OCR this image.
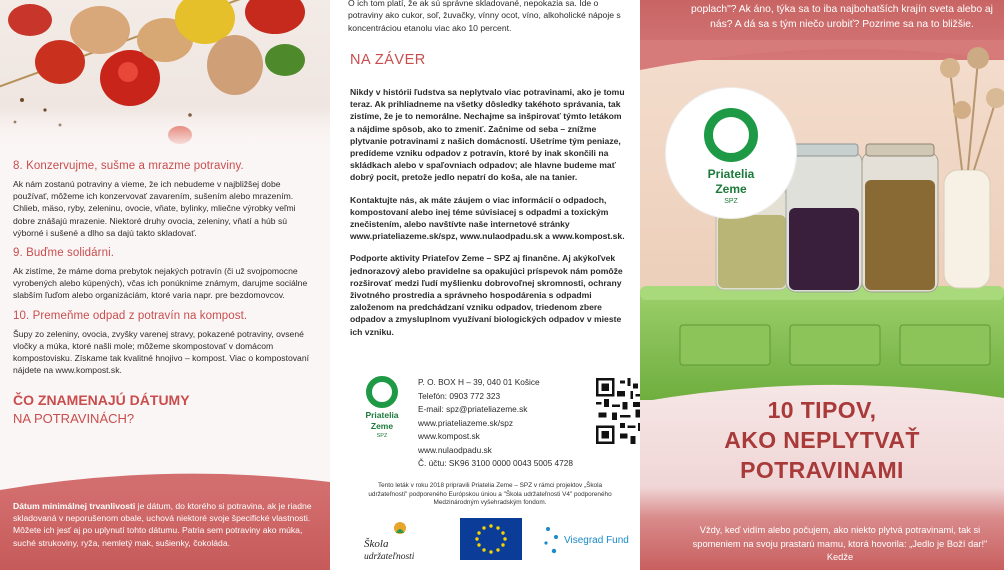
8. Konzervujme, sušme a mrazme potraviny.

Ak nám zostanú potraviny a vieme, že ich nebudeme v najbližšej dobe používať, môžeme ich konzervovať zavarením, sušením alebo mrazením. Chlieb, mäso, ryby, zeleninu, ovocie, vňate, bylinky, mliečne výrobky veľmi dobre znášajú mrazenie. Niektoré druhy ovocia, zeleniny, vňatí a húb sú výborné i sušené a dlho sa dajú takto skladovať.

9. Buďme solidárni.

Ak zistíme, že máme doma prebytok nejakých potravín (či už svojpomocne vyrobených alebo kúpených), včas ich ponúknime známym, darujme sociálne slabším ľuďom alebo organizáciám, ktoré varia napr. pre bezdomovcov.

10. Premeňme odpad z potravín na kompost.

Šupy zo zeleniny, ovocia, zvyšky varenej stravy, pokazené potraviny, ovsené vločky a múka, ktoré našli mole; môžeme skompostovať v domácom kompostovisku. Získame tak kvalitné hnojivo – kompost. Viac o kompostovaní nájdete na www.kompost.sk.

ČO ZNAMENAJÚ DÁTUMY
NA POTRAVINÁCH?

Dátum minimálnej trvanlivosti je dátum, do ktorého si potravina, ak je riadne skladovaná v neporušenom obale, uchová niektoré svoje špecifické vlastnosti. Môžete ich jesť aj po uplynutí tohto dátumu. Patria sem potraviny ako múka, suché strukoviny, ryža, nemletý mak, sušienky, čokoláda.

O ich tom platí, že ak sú správne skladované, nepokazia sa. Ide o potraviny ako cukor, soľ, žuvačky, vínny ocot, víno, alkoholické nápoje s koncentráciou etanolu viac ako 10 percent.

NA ZÁVER

Nikdy v histórii ľudstva sa neplytvalo viac potravinami, ako je tomu teraz. Ak prihliadneme na všetky dôsledky takéhoto správania, tak zistíme, že je to nemorálne. Nechajme sa inšpirovať týmto letákom a nájdime spôsob, ako to zmeniť. Začnime od seba – znížme plytvanie potravinami z našich domácností. Ušetríme tým peniaze, predídeme vzniku odpadov z potravín, ktoré by inak skončili na skládkach alebo v spaľovniach odpadov; ale hlavne budeme mať dobrý pocit, pretože jedlo nepatrí do koša, ale na tanier.

Kontaktujte nás, ak máte záujem o viac informácií o odpadoch, kompostovaní alebo inej téme súvisiacej s odpadmi a toxickým znečistením, alebo navštívte naše internetové stránky www.priateliazeme.sk/spz, www.nulaodpadu.sk a www.kompost.sk.

Podporte aktivity Priateľov Zeme – SPZ aj finančne. Aj akýkoľvek jednorazový alebo pravidelne sa opakujúci príspevok nám pomôže rozširovať medzi ľudí myšlienku dobrovoľnej skromnosti, ochrany životného prostredia a správneho hospodárenia s odpadmi založenom na predchádzaní vzniku odpadov, triedenom zbere odpadov a zmysluplnom využívaní biologických odpadov v mieste ich vzniku.

Priatelia
Zeme
SPZ
P. O. BOX H – 39, 040 01 Košice
Telefón: 0903 772 323
E-mail: spz@priateliazeme.sk
www.priateliazeme.sk/spz
www.kompost.sk
www.nulaodpadu.sk
Č. účtu: SK96 3100 0000 0043 5005 4728
Tento leták v roku 2018 pripravili Priatelia Zeme – SPZ v rámci projektov „Škola udržateľnosti" podporeného Európskou úniou a "Škola udržateľnosti V4" podporeného Medzinárodným vyšehradským fondom.
Škola
udržateľnosti
Visegrad Fund

poplach"? Ak áno, týka sa to iba najbohatších krajín sveta alebo aj nás? A dá sa s tým niečo urobiť? Pozrime sa na to bližšie.

Priatelia
Zeme
SPZ
10 TIPOV,
AKO NEPLYTVAŤ
POTRAVINAMI

Vždy, keď vidím alebo počujem, ako niekto plytvá potravinami, tak si spomeniem na svoju prastarú mamu, ktorá hovorila: „Jedlo je Boží dar!" Kedže
